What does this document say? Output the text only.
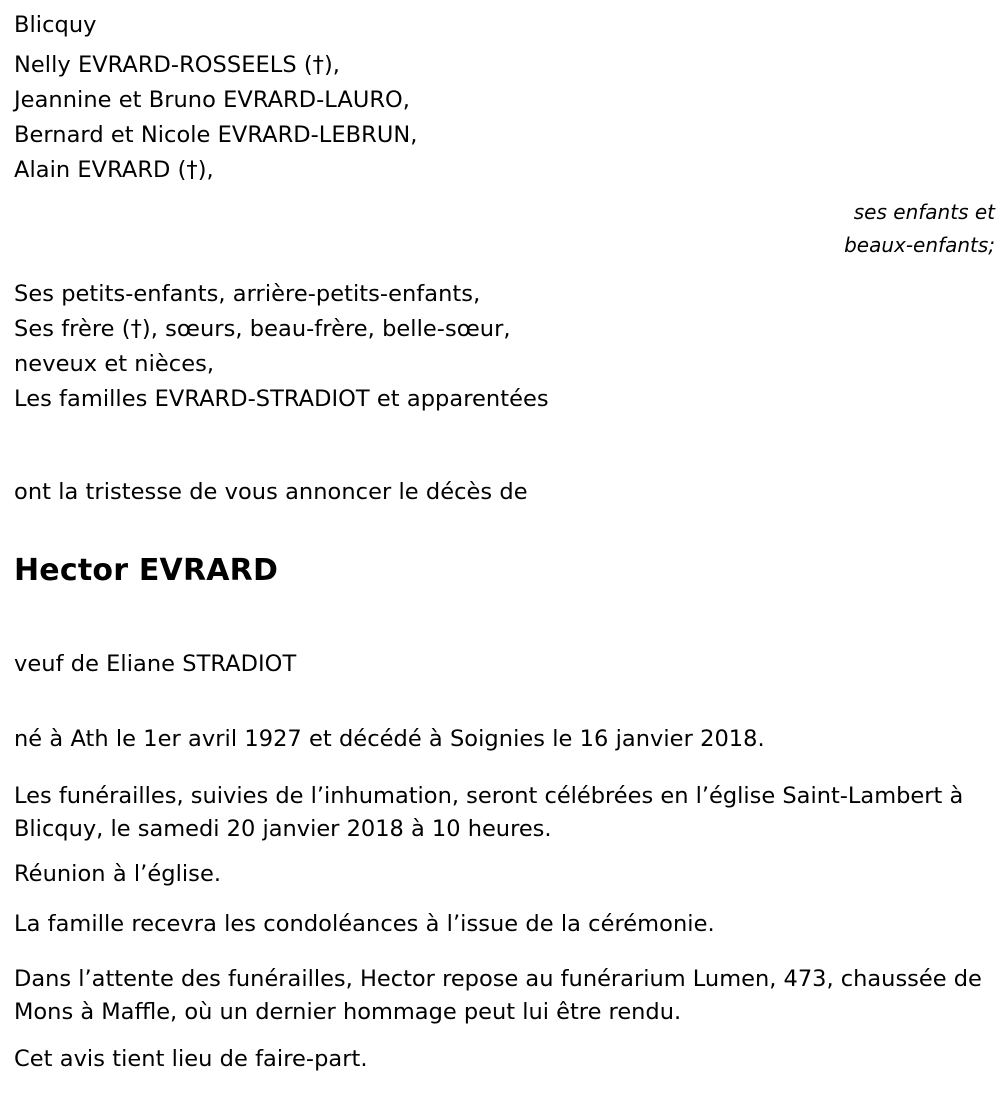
Blicquy
Nelly EVRARD-ROSSEELS (†),
Jeannine et Bruno EVRARD-LAURO,
Bernard et Nicole EVRARD-LEBRUN,
Alain EVRARD (†),
ses enfants et
beaux-enfants;
Ses petits-enfants, arrière-petits-enfants,
Ses frère (†), sœurs, beau-frère, belle-sœur,
neveux et nièces,
Les familles EVRARD-STRADIOT et apparentées
ont la tristesse de vous annoncer le décès de
Hector EVRARD
veuf de Eliane STRADIOT
né à Ath le 1er avril 1927 et décédé à Soignies le 16 janvier 2018.
Les funérailles, suivies de l’inhumation, seront célébrées en l’église Saint-Lambert à Blicquy, le samedi 20 janvier 2018 à 10 heures.
Réunion à l’église.
La famille recevra les condoléances à l’issue de la cérémonie.
Dans l’attente des funérailles, Hector repose au funérarium Lumen, 473, chaussée de Mons à Maffle, où un dernier hommage peut lui être rendu.
Cet avis tient lieu de faire-part.
